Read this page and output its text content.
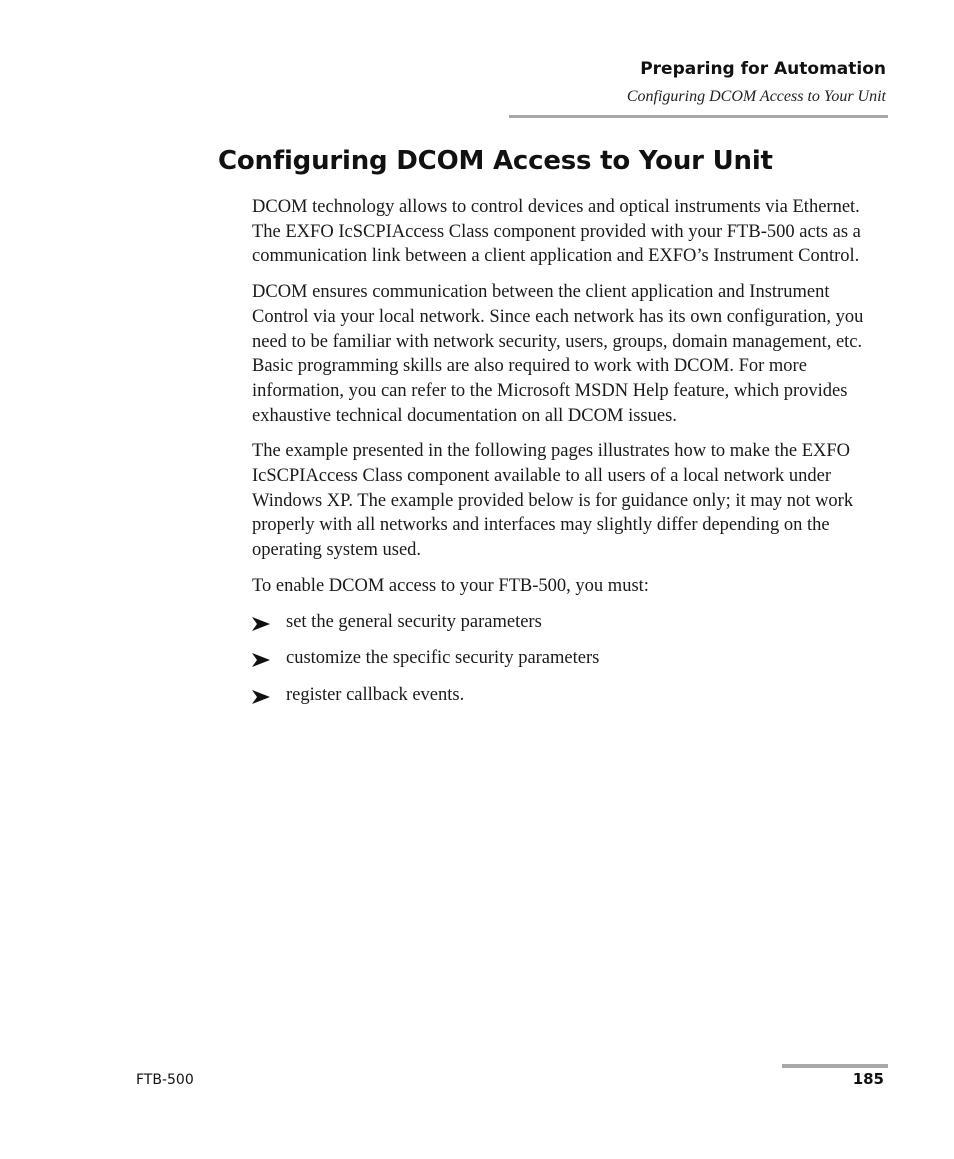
Preparing for Automation
Configuring DCOM Access to Your Unit
Configuring DCOM Access to Your Unit

DCOM technology allows to control devices and optical instruments via Ethernet. The EXFO IcSCPIAccess Class component provided with your FTB-500 acts as a communication link between a client application and EXFO’s Instrument Control.

DCOM ensures communication between the client application and Instrument Control via your local network. Since each network has its own configuration, you need to be familiar with network security, users, groups, domain management, etc. Basic programming skills are also required to work with DCOM. For more information, you can refer to the Microsoft MSDN Help feature, which provides exhaustive technical documentation on all DCOM issues.

The example presented in the following pages illustrates how to make the EXFO IcSCPIAccess Class component available to all users of a local network under Windows XP. The example provided below is for guidance only; it may not work properly with all networks and interfaces may slightly differ depending on the operating system used.

To enable DCOM access to your FTB-500, you must:

set the general security parameters
customize the specific security parameters
register callback events.
FTB-500	185
